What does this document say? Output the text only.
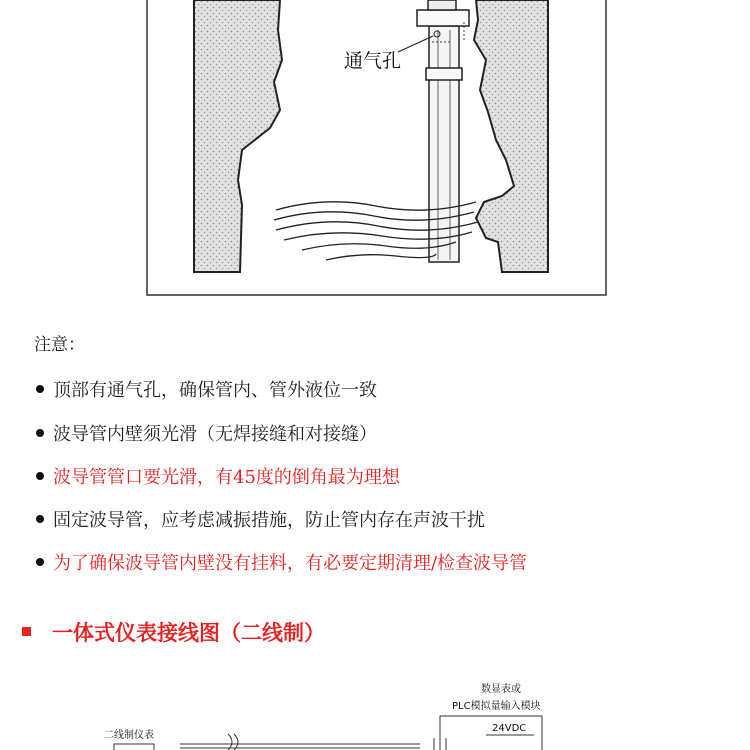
通气孔
注意：
顶部有通气孔，确保管内、管外液位一致
波导管内壁须光滑（无焊接缝和对接缝）
波导管管口要光滑，有45度的倒角最为理想
固定波导管，应考虑减振措施，防止管内存在声波干扰
为了确保波导管内壁没有挂料，有必要定期清理/检查波导管
一体式仪表接线图（二线制）
数显表或
PLC模拟量输入模块
24VDC
二线制仪表
